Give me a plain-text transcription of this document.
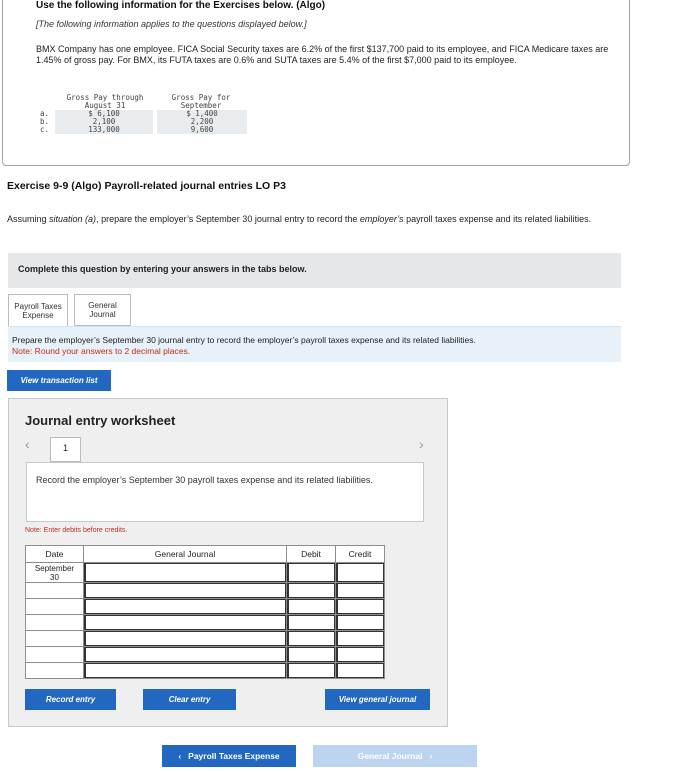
Use the following information for the Exercises below. (Algo)
[The following information applies to the questions displayed below.]
BMX Company has one employee. FICA Social Security taxes are 6.2% of the first $137,700 paid to its employee, and FICA Medicare taxes are 1.45% of gross pay. For BMX, its FUTA taxes are 0.6% and SUTA taxes are 5.4% of the first $7,000 paid to its employee.
	Gross Pay through	Gross Pay for
	August 31	September
a.	$ 6,100	$ 1,400
b.	2,100	2,200
c.	133,000	9,600
Exercise 9-9 (Algo) Payroll-related journal entries LO P3
Assuming situation (a), prepare the employer’s September 30 journal entry to record the employer’s payroll taxes expense and its related liabilities.
Complete this question by entering your answers in the tabs below.
Payroll Taxes
Expense
General
Journal
Prepare the employer’s September 30 journal entry to record the employer’s payroll taxes expense and its related liabilities.
Note: Round your answers to 2 decimal places.
View transaction list
Journal entry worksheet
‹	1	›
Record the employer’s September 30 payroll taxes expense and its related liabilities.
Note: Enter debits before credits.
Date	General Journal	Debit	Credit
September
30	

Record entry	Clear entry	View general journal
‹ Payroll Taxes Expense	General Journal ›
